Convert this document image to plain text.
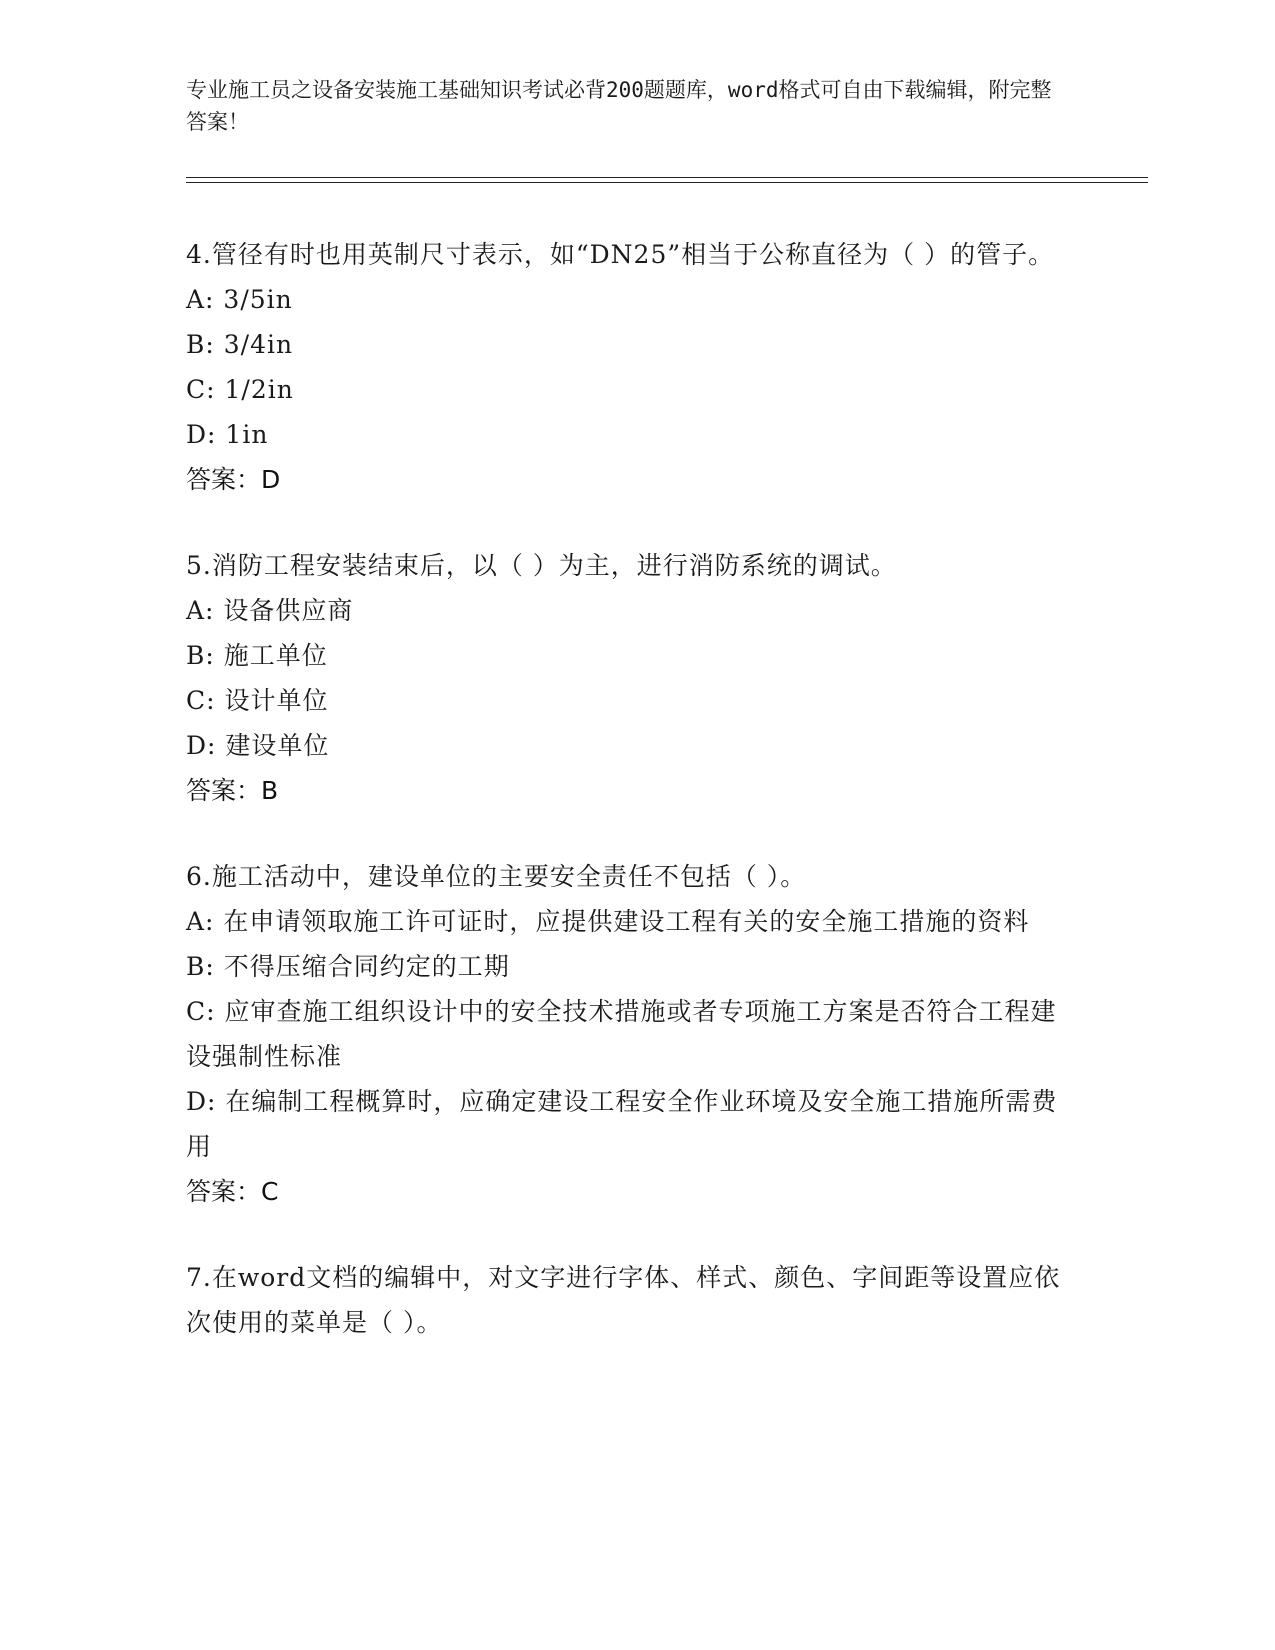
专业施工员之设备安装施工基础知识考试必背200题题库，word格式可自由下载编辑，附完整答案！

4.管径有时也用英制尺寸表示，如“DN25”相当于公称直径为（ ）的管子。

A: 3/5in

B: 3/4in

C: 1/2in

D: 1in

答案：D

5.消防工程安装结束后，以（ ）为主，进行消防系统的调试。

A: 设备供应商

B: 施工单位

C: 设计单位

D: 建设单位

答案：B

6.施工活动中，建设单位的主要安全责任不包括（ ）。

A: 在申请领取施工许可证时，应提供建设工程有关的安全施工措施的资料

B: 不得压缩合同约定的工期

C: 应审查施工组织设计中的安全技术措施或者专项施工方案是否符合工程建设强制性标准

D: 在编制工程概算时，应确定建设工程安全作业环境及安全施工措施所需费用

答案：C

7.在word文档的编辑中，对文字进行字体、样式、颜色、字间距等设置应依次使用的菜单是（ ）。
